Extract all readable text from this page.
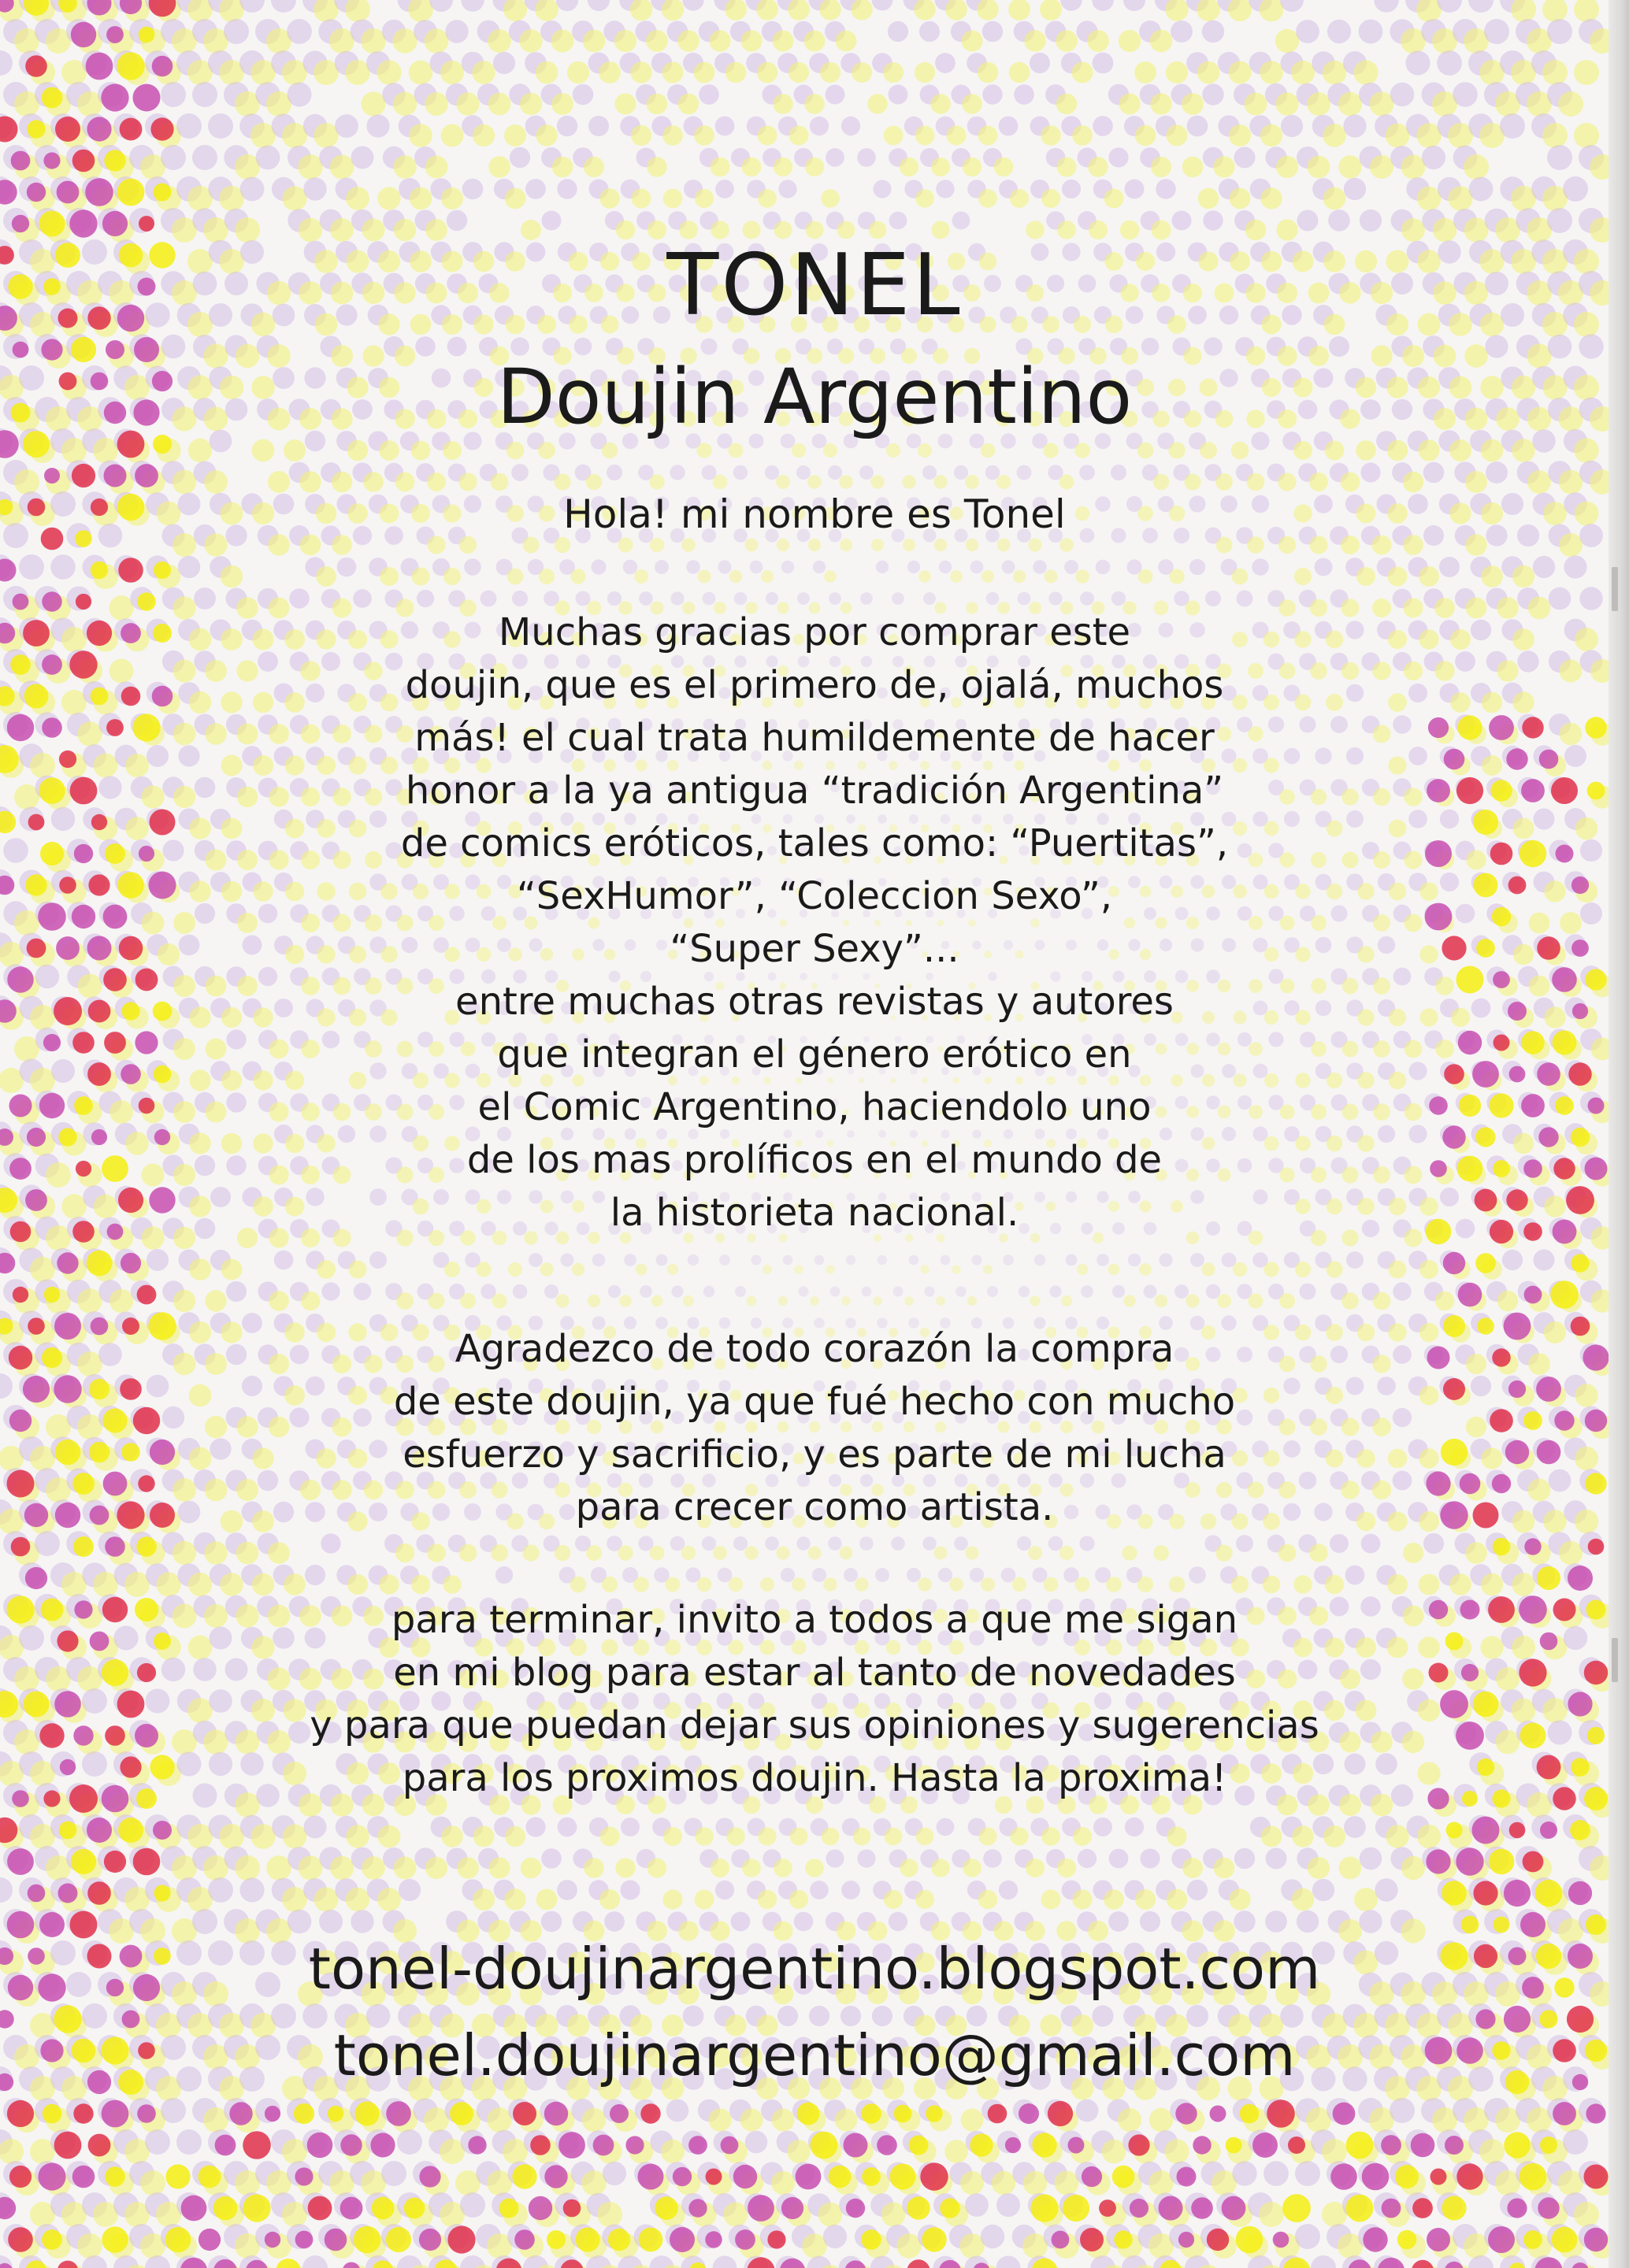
TONEL
Doujin Argentino

Hola! mi nombre es Tonel

Muchas gracias por comprar este
doujin, que es el primero de, ojalá, muchos
más! el cual trata humildemente de hacer
honor a la ya antigua “tradición Argentina”
de comics eróticos, tales como: “Puertitas”,
“SexHumor”, “Coleccion Sexo”,
“Super Sexy”...
entre muchas otras revistas y autores
que integran el género erótico en
el Comic Argentino, haciendolo uno
de los mas prolíficos en el mundo de
la historieta nacional.

Agradezco de todo corazón la compra
de este doujin, ya que fué hecho con mucho
esfuerzo y sacrificio, y es parte de mi lucha
para crecer como artista.

para terminar, invito a todos a que me sigan
en mi blog para estar al tanto de novedades
y para que puedan dejar sus opiniones y sugerencias
para los proximos doujin. Hasta la proxima!

tonel-doujinargentino.blogspot.com

tonel.doujinargentino@gmail.com
